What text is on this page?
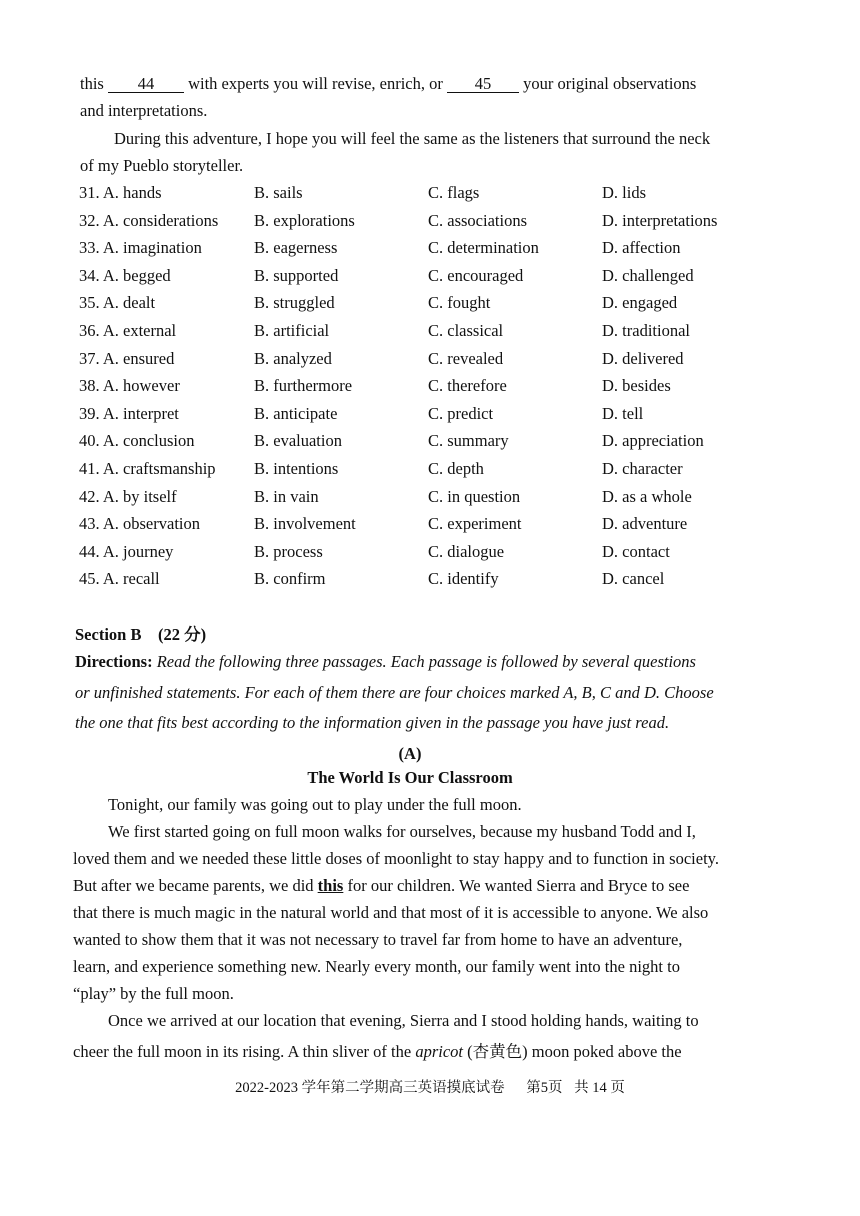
this 44 with experts you will revise, enrich, or 45 your original observations
and interpretations.
During this adventure, I hope you will feel the same as the listeners that surround the neck
of my Pueblo storyteller.
31. A. hands	B. sails	C. flags	D. lids
32. A. considerations B. explorations	C. associations	D. interpretations
33. A. imagination	B. eagerness	C. determination	D. affection
34. A. begged	B. supported	C. encouraged	D. challenged
35. A. dealt	B. struggled	C. fought	D. engaged
36. A. external	B. artificial	C. classical	D. traditional
37. A. ensured	B. analyzed	C. revealed	D. delivered
38. A. however	B. furthermore	C. therefore	D. besides
39. A. interpret	B. anticipate	C. predict	D. tell
40. A. conclusion	B. evaluation	C. summary	D. appreciation
41. A. craftsmanship B. intentions	C. depth	D. character
42. A. by itself	B. in vain	C. in question	D. as a whole
43. A. observation	B. involvement	C. experiment	D. adventure
44. A. journey	B. process	C. dialogue	D. contact
45. A. recall	B. confirm	C. identify	D. cancel
Section B　(22 分)
Directions: Read the following three passages. Each passage is followed by several questions
or unfinished statements. For each of them there are four choices marked A, B, C and D. Choose
the one that fits best according to the information given in the passage you have just read.
(A)
The World Is Our Classroom
Tonight, our family was going out to play under the full moon.
We first started going on full moon walks for ourselves, because my husband Todd and I,
loved them and we needed these little doses of moonlight to stay happy and to function in society.
But after we became parents, we did this for our children. We wanted Sierra and Bryce to see
that there is much magic in the natural world and that most of it is accessible to anyone. We also
wanted to show them that it was not necessary to travel far from home to have an adventure,
learn, and experience something new. Nearly every month, our family went into the night to
“play” by the full moon.
Once we arrived at our location that evening, Sierra and I stood holding hands, waiting to
cheer the full moon in its rising. A thin sliver of the apricot (杏黄色) moon poked above the
2022-2023 学年第二学期高三英语摸底试卷 第5页 共 14 页
